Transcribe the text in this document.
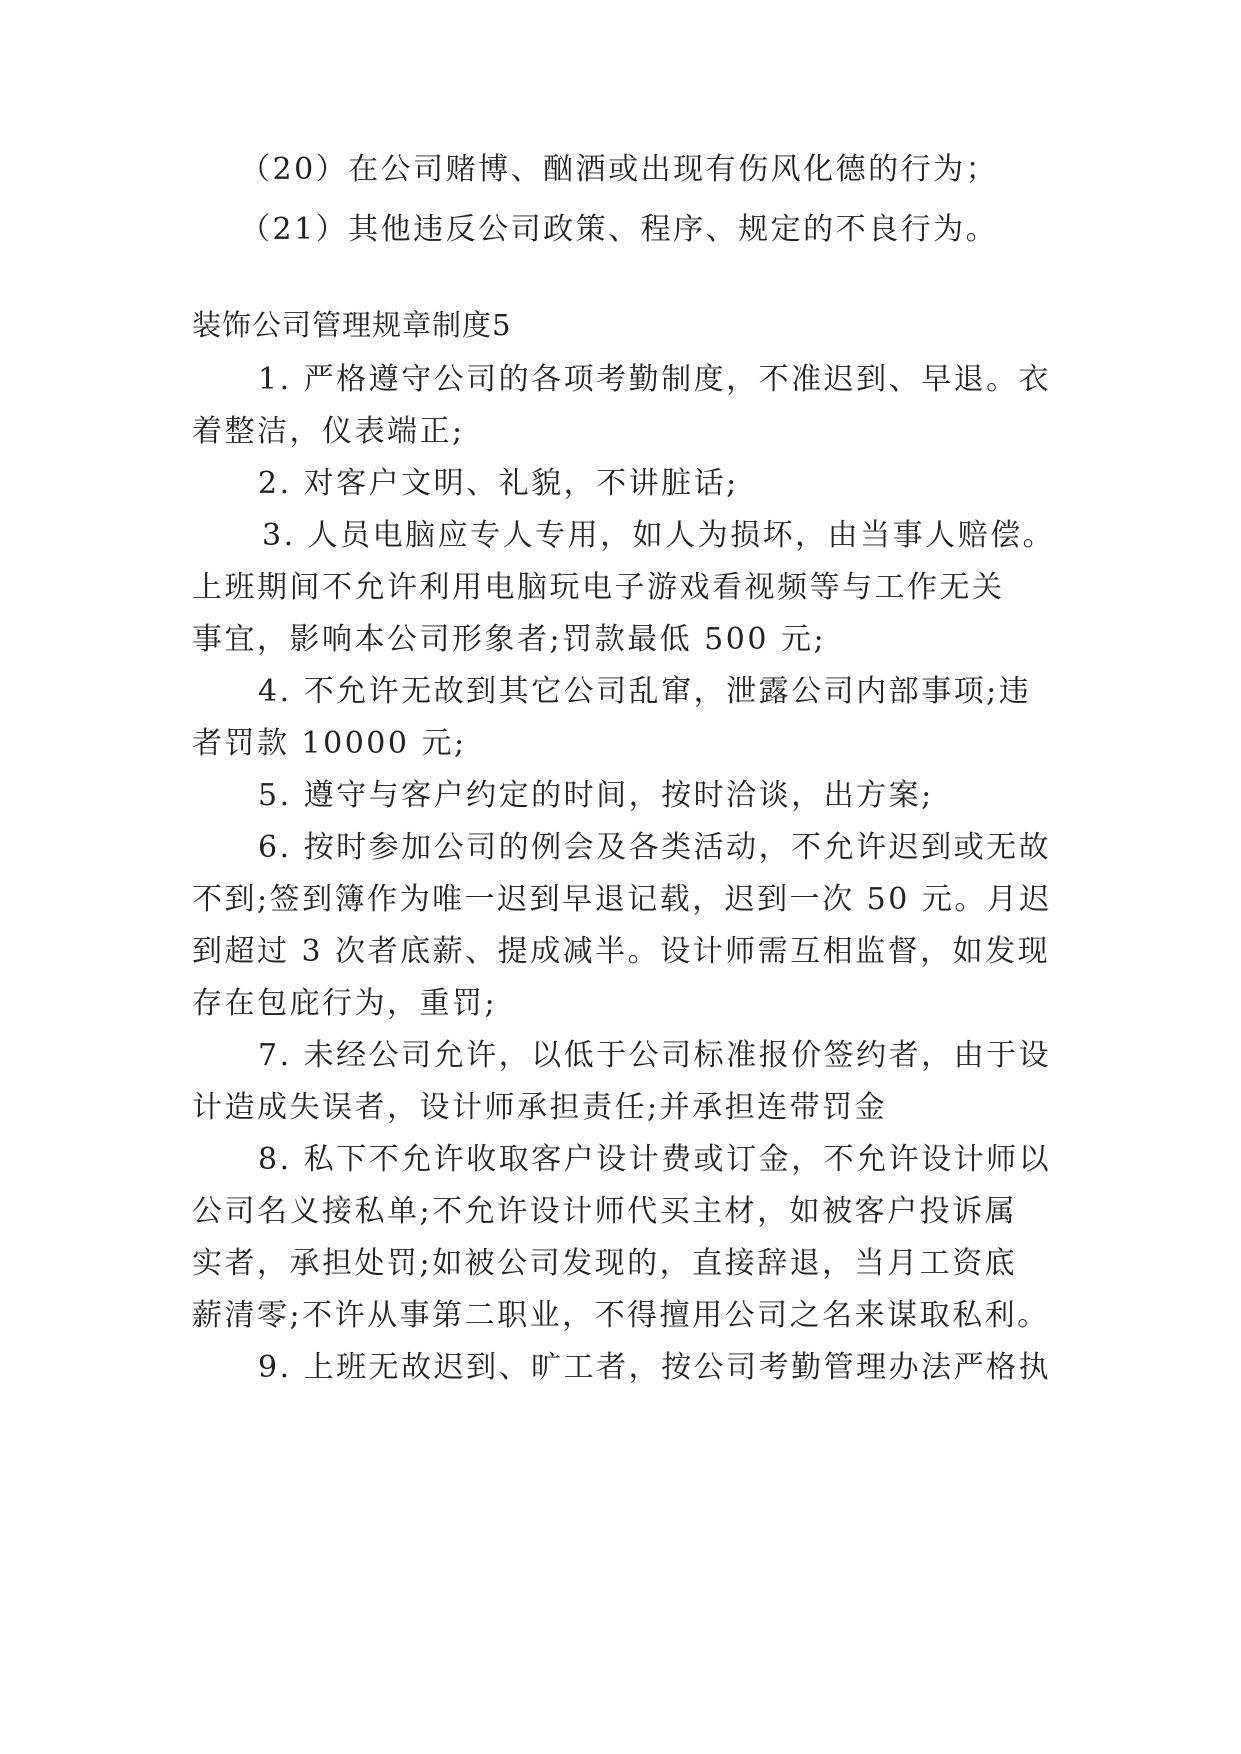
（20）在公司赌博、酗酒或出现有伤风化德的行为；
（21）其他违反公司政策、程序、规定的不良行为。
装饰公司管理规章制度5
1. 严格遵守公司的各项考勤制度，不准迟到、早退。衣
着整洁，仪表端正;
2. 对客户文明、礼貌，不讲脏话;
3. 人员电脑应专人专用，如人为损坏，由当事人赔偿。
上班期间不允许利用电脑玩电子游戏看视频等与工作无关
事宜，影响本公司形象者;罚款最低 500 元;
4. 不允许无故到其它公司乱窜，泄露公司内部事项;违
者罚款 10000 元;
5. 遵守与客户约定的时间，按时洽谈，出方案;
6. 按时参加公司的例会及各类活动，不允许迟到或无故
不到;签到簿作为唯一迟到早退记载，迟到一次 50 元。月迟
到超过 3 次者底薪、提成减半。设计师需互相监督，如发现
存在包庇行为，重罚;
7. 未经公司允许，以低于公司标准报价签约者，由于设
计造成失误者，设计师承担责任;并承担连带罚金
8. 私下不允许收取客户设计费或订金，不允许设计师以
公司名义接私单;不允许设计师代买主材，如被客户投诉属
实者，承担处罚;如被公司发现的，直接辞退，当月工资底
薪清零;不许从事第二职业，不得擅用公司之名来谋取私利。
9. 上班无故迟到、旷工者，按公司考勤管理办法严格执
